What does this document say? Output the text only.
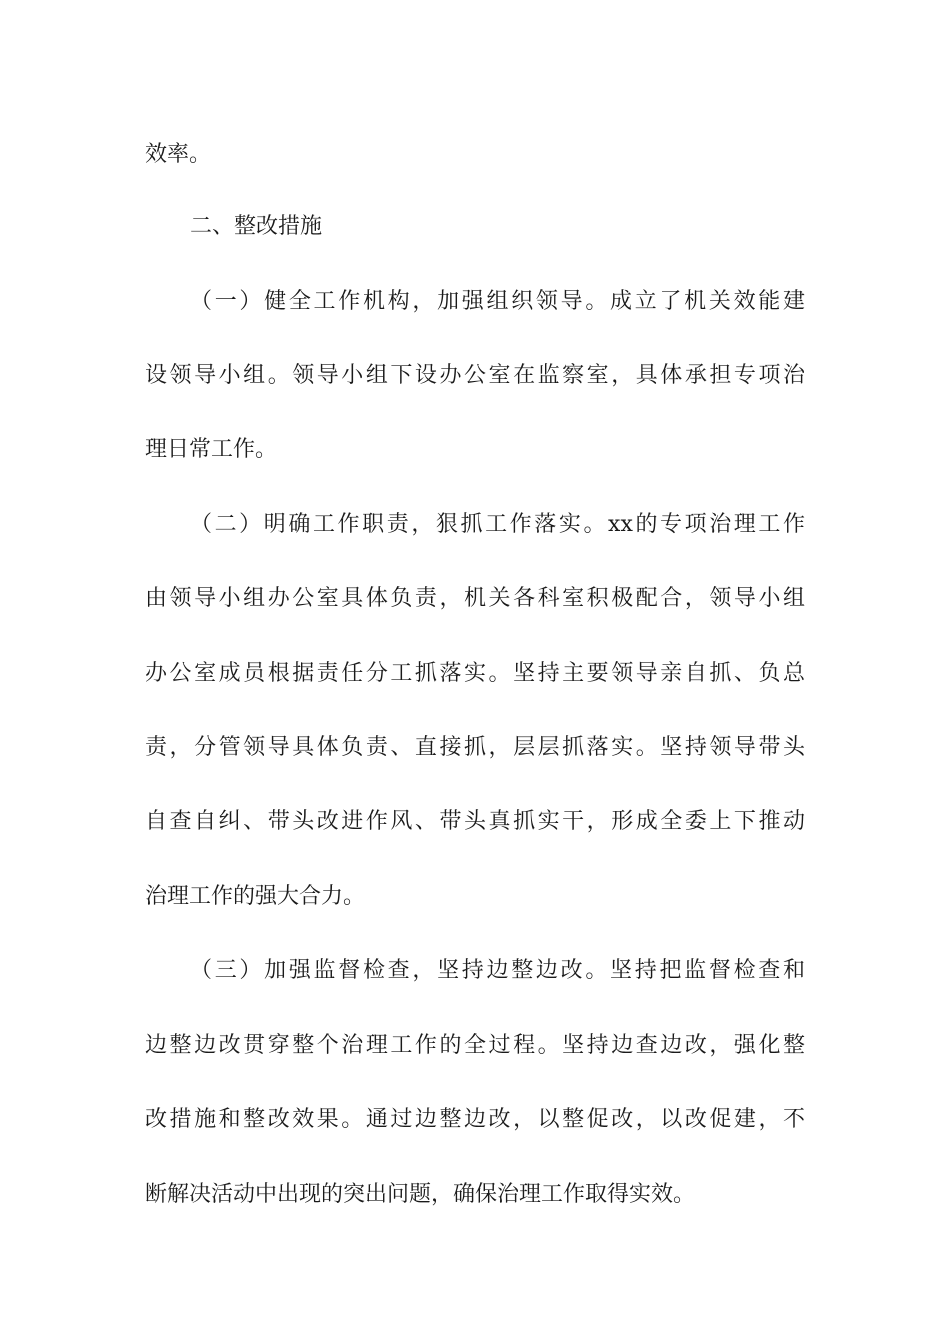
效率。
二、整改措施
（一）健全工作机构，加强组织领导。成立了机关效能建
设领导小组。领导小组下设办公室在监察室，具体承担专项治
理日常工作。
（二）明确工作职责，狠抓工作落实。xx的专项治理工作
由领导小组办公室具体负责，机关各科室积极配合，领导小组
办公室成员根据责任分工抓落实。坚持主要领导亲自抓、负总
责，分管领导具体负责、直接抓，层层抓落实。坚持领导带头
自查自纠、带头改进作风、带头真抓实干，形成全委上下推动
治理工作的强大合力。
（三）加强监督检查，坚持边整边改。坚持把监督检查和
边整边改贯穿整个治理工作的全过程。坚持边查边改，强化整
改措施和整改效果。通过边整边改，以整促改，以改促建，不
断解决活动中出现的突出问题，确保治理工作取得实效。
